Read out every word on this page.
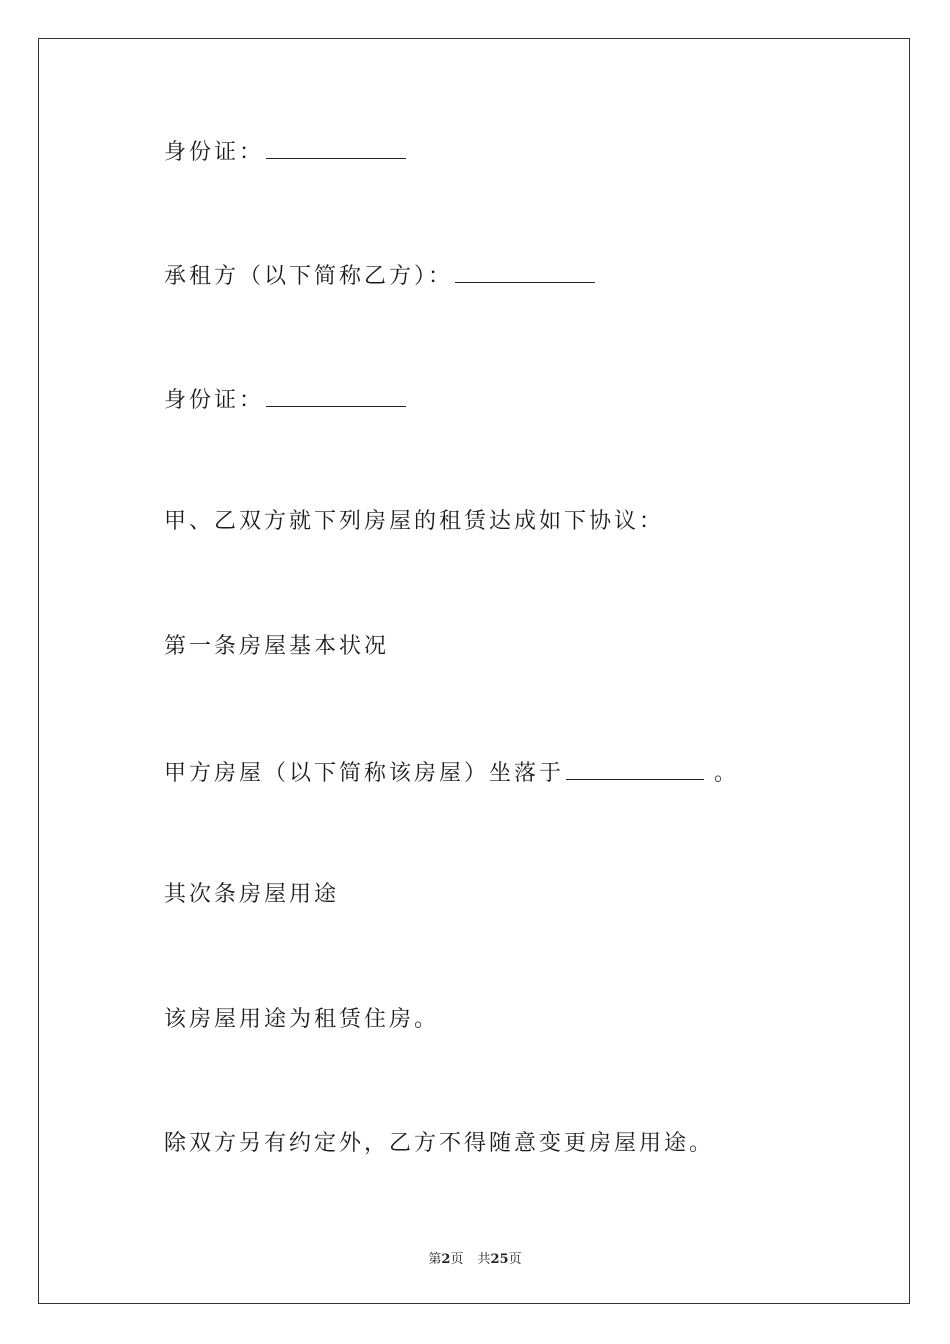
身份证：
承租方（以下简称乙方）：
身份证：
甲、乙双方就下列房屋的租赁达成如下协议：
第一条房屋基本状况
甲方房屋（以下简称该房屋）坐落于	。
其次条房屋用途
该房屋用途为租赁住房。
除双方另有约定外，乙方不得随意变更房屋用途。
第2页 共25页
